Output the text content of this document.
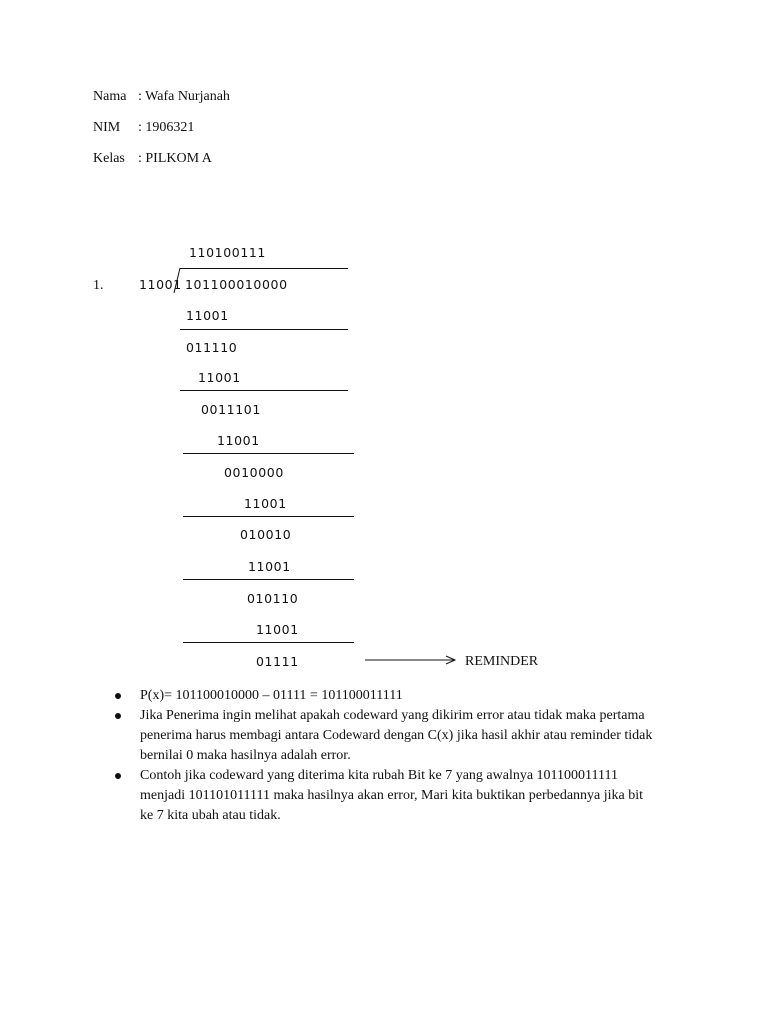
Nama : Wafa Nurjanah
NIM : 1906321
Kelas : PILKOM A
110100111
1.	11001 101100010000
11001
011110
11001
0011101
11001
0010000
11001
010010
11001
010110
11001
01111	REMINDER
P(x)= 101100010000 – 01111 = 101100011111
Jika Penerima ingin melihat apakah codeward yang dikirim error atau tidak maka pertama penerima harus membagi antara Codeward dengan C(x) jika hasil akhir atau reminder tidak bernilai 0 maka hasilnya adalah error.
Contoh jika codeward yang diterima kita rubah Bit ke 7 yang awalnya 101100011111 menjadi 101101011111 maka hasilnya akan error, Mari kita buktikan perbedannya jika bit ke 7 kita ubah atau tidak.
